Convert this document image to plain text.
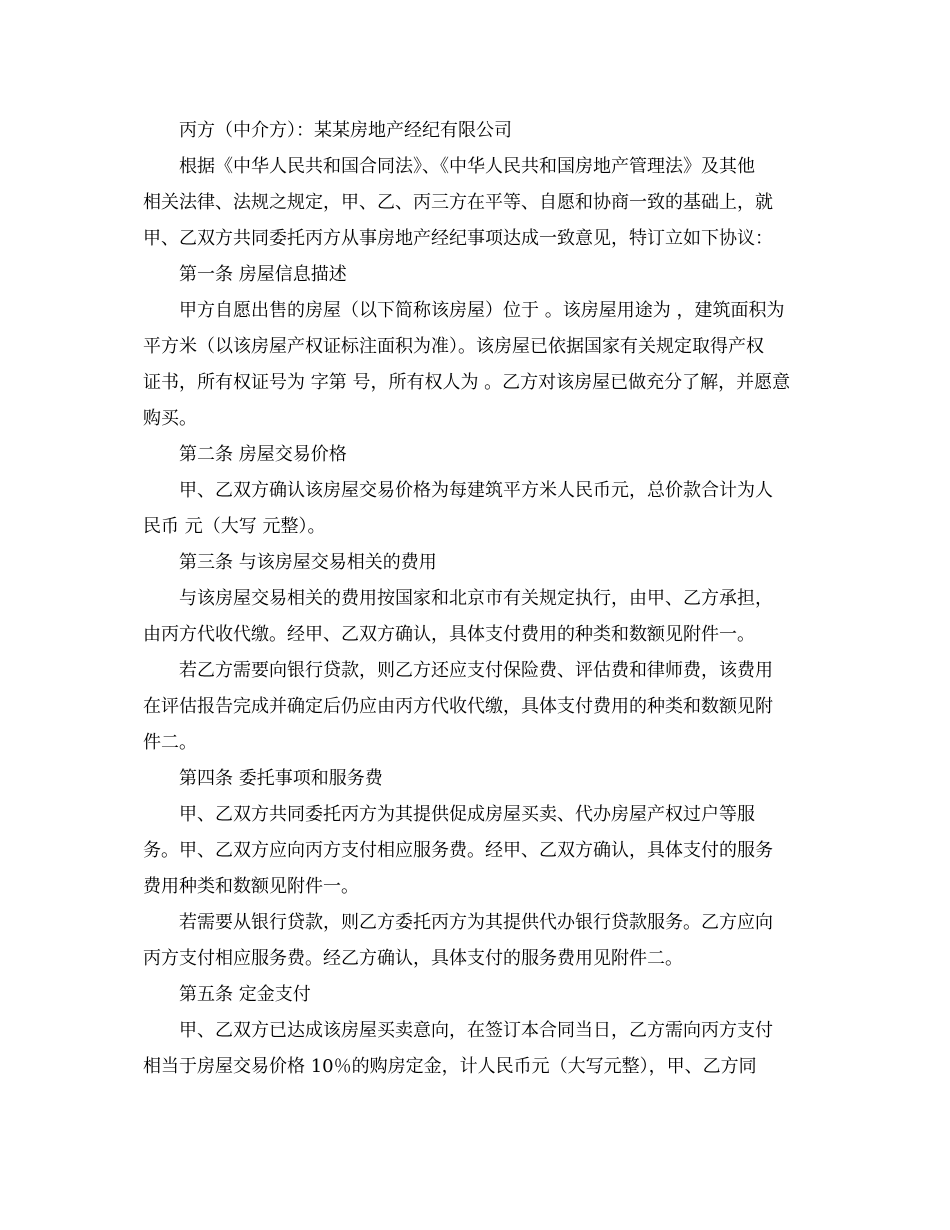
丙方（中介方）：某某房地产经纪有限公司
根据《中华人民共和国合同法》、《中华人民共和国房地产管理法》及其他
相关法律、法规之规定，甲、乙、丙三方在平等、自愿和协商一致的基础上，就
甲、乙双方共同委托丙方从事房地产经纪事项达成一致意见，特订立如下协议：
第一条 房屋信息描述
甲方自愿出售的房屋（以下简称该房屋）位于 。该房屋用途为 ，建筑面积为
平方米（以该房屋产权证标注面积为准）。该房屋已依据国家有关规定取得产权
证书，所有权证号为 字第 号，所有权人为 。乙方对该房屋已做充分了解，并愿意
购买。
第二条 房屋交易价格
甲、乙双方确认该房屋交易价格为每建筑平方米人民币元，总价款合计为人
民币 元（大写 元整）。
第三条 与该房屋交易相关的费用
与该房屋交易相关的费用按国家和北京市有关规定执行，由甲、乙方承担，
由丙方代收代缴。经甲、乙双方确认，具体支付费用的种类和数额见附件一。
若乙方需要向银行贷款，则乙方还应支付保险费、评估费和律师费，该费用
在评估报告完成并确定后仍应由丙方代收代缴，具体支付费用的种类和数额见附
件二。
第四条 委托事项和服务费
甲、乙双方共同委托丙方为其提供促成房屋买卖、代办房屋产权过户等服
务。甲、乙双方应向丙方支付相应服务费。经甲、乙双方确认，具体支付的服务
费用种类和数额见附件一。
若需要从银行贷款，则乙方委托丙方为其提供代办银行贷款服务。乙方应向
丙方支付相应服务费。经乙方确认，具体支付的服务费用见附件二。
第五条 定金支付
甲、乙双方已达成该房屋买卖意向，在签订本合同当日，乙方需向丙方支付
相当于房屋交易价格 10％的购房定金，计人民币元（大写元整），甲、乙方同
